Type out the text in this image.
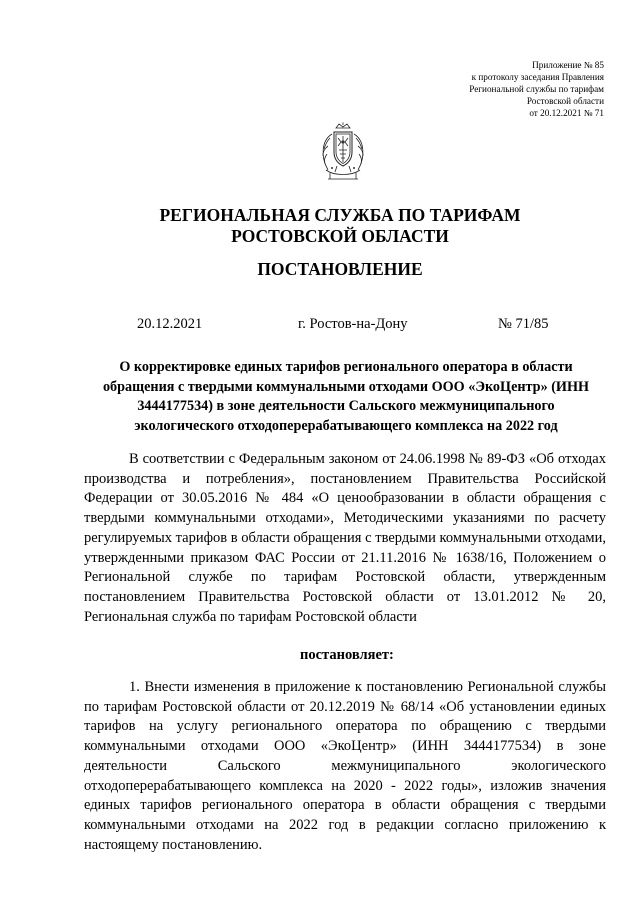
Приложение № 85
к протоколу заседания Правления
Региональной службы по тарифам
Ростовской области
от 20.12.2021 № 71
РЕГИОНАЛЬНАЯ СЛУЖБА ПО ТАРИФАМ
РОСТОВСКОЙ ОБЛАСТИ
ПОСТАНОВЛЕНИЕ
20.12.2021	г. Ростов-на-Дону	№ 71/85
О корректировке единых тарифов регионального оператора в области обращения с твердыми коммунальными отходами ООО «ЭкоЦентр» (ИНН 3444177534) в зоне деятельности Сальского межмуниципального экологического отходоперерабатывающего комплекса на 2022 год
В соответствии с Федеральным законом от 24.06.1998 № 89-ФЗ «Об отходах производства и потребления», постановлением Правительства Российской Федерации от 30.05.2016 № 484 «О ценообразовании в области обращения с твердыми коммунальными отходами», Методическими указаниями по расчету регулируемых тарифов в области обращения с твердыми коммунальными отходами, утвержденными приказом ФАС России от 21.11.2016 № 1638/16, Положением о Региональной службе по тарифам Ростовской области, утвержденным постановлением Правительства Ростовской области от 13.01.2012 № 20, Региональная служба по тарифам Ростовской области
постановляет:
1. Внести изменения в приложение к постановлению Региональной службы по тарифам Ростовской области от 20.12.2019 № 68/14 «Об установлении единых тарифов на услугу регионального оператора по обращению с твердыми коммунальными отходами ООО «ЭкоЦентр» (ИНН 3444177534) в зоне деятельности Сальского межмуниципального экологического отходоперерабатывающего комплекса на 2020 - 2022 годы», изложив значения единых тарифов регионального оператора в области обращения с твердыми коммунальными отходами на 2022 год в редакции согласно приложению к настоящему постановлению.
